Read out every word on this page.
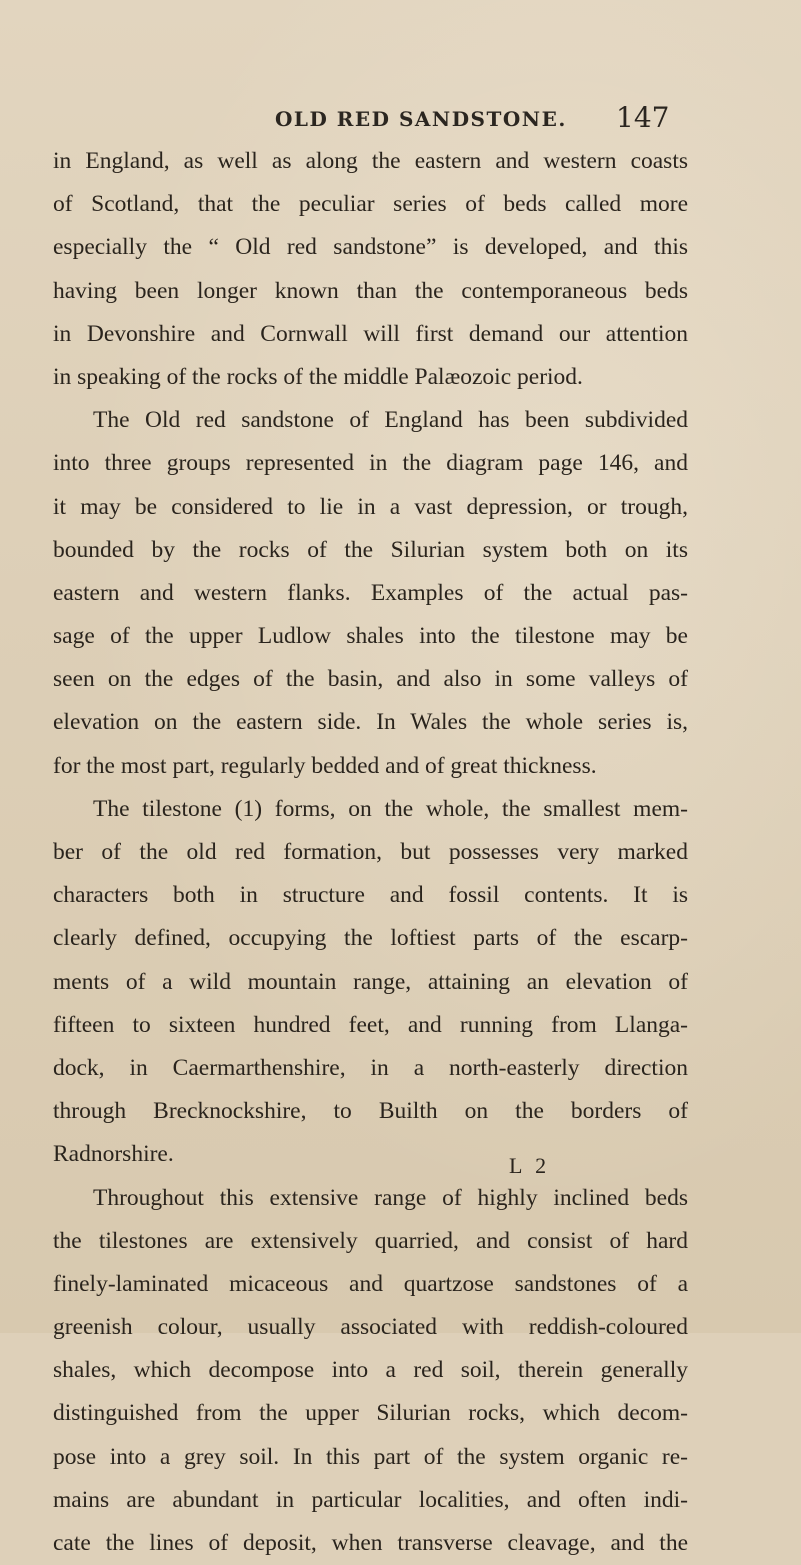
OLD RED SANDSTONE. 147
in England, as well as along the eastern and western coasts
of Scotland, that the peculiar series of beds called more
especially the “ Old red sandstone” is developed, and this
having been longer known than the contemporaneous beds
in Devonshire and Cornwall will first demand our attention
in speaking of the rocks of the middle Palæozoic period.
The Old red sandstone of England has been subdivided
into three groups represented in the diagram page 146, and
it may be considered to lie in a vast depression, or trough,
bounded by the rocks of the Silurian system both on its
eastern and western flanks. Examples of the actual pas-
sage of the upper Ludlow shales into the tilestone may be
seen on the edges of the basin, and also in some valleys of
elevation on the eastern side. In Wales the whole series is,
for the most part, regularly bedded and of great thickness.
The tilestone (1) forms, on the whole, the smallest mem-
ber of the old red formation, but possesses very marked
characters both in structure and fossil contents. It is
clearly defined, occupying the loftiest parts of the escarp-
ments of a wild mountain range, attaining an elevation of
fifteen to sixteen hundred feet, and running from Llanga-
dock, in Caermarthenshire, in a north-easterly direction
through Brecknockshire, to Builth on the borders of
Radnorshire.
Throughout this extensive range of highly inclined beds
the tilestones are extensively quarried, and consist of hard
finely-laminated micaceous and quartzose sandstones of a
greenish colour, usually associated with reddish-coloured
shales, which decompose into a red soil, therein generally
distinguished from the upper Silurian rocks, which decom-
pose into a grey soil. In this part of the system organic re-
mains are abundant in particular localities, and often indi-
cate the lines of deposit, when transverse cleavage, and the
L 2
